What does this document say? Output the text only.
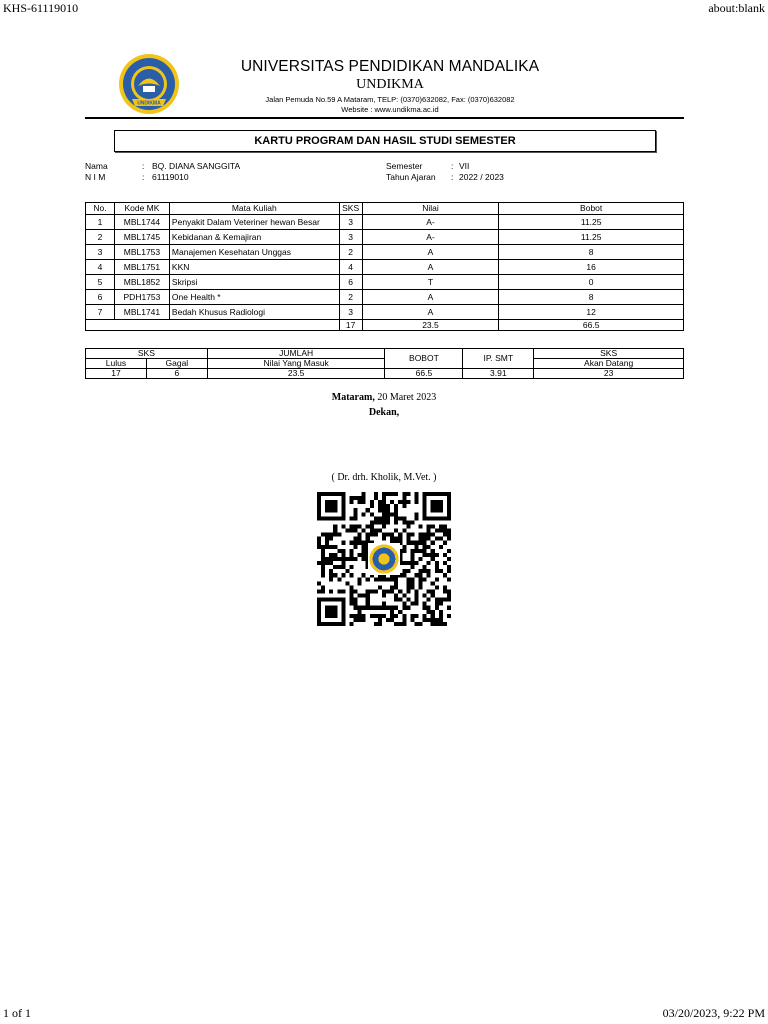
KHS-61119010	about:blank
UNDIKMA
UNIVERSITAS PENDIDIKAN MANDALIKA
UNDIKMA
Jalan Pemuda No.59 A Mataram, TELP: (0370)632082, Fax: (0370)632082
Website : www.undikma.ac.id
KARTU PROGRAM DAN HASIL STUDI SEMESTER
Nama	: BQ. DIANA SANGGITA
N I M	: 61119010
Semester	: VII
Tahun Ajaran : 2022 / 2023
No.	Kode MK	Mata Kuliah	SKS	Nilai	Bobot
1	MBL1744	Penyakit Dalam Veteriner hewan Besar	3	A-	11.25
2	MBL1745	Kebidanan & Kemajiran	3	A-	11.25
3	MBL1753	Manajemen Kesehatan Unggas	2	A	8
4	MBL1751	KKN	4	A	16
5	MBL1852	Skripsi	6	T	0
6	PDH1753	One Health *	2	A	8
7	MBL1741	Bedah Khusus Radiologi	3	A	12
			17	23.5	66.5
SKS		JUMLAH	BOBOT	IP. SMT	SKS
Lulus	Gagal	Nilai Yang Masuk			Akan Datang
17	6	23.5	66.5	3.91	23
Mataram, 20 Maret 2023
Dekan,
( Dr. drh. Kholik, M.Vet. )
1 of 1	03/20/2023, 9:22 PM
